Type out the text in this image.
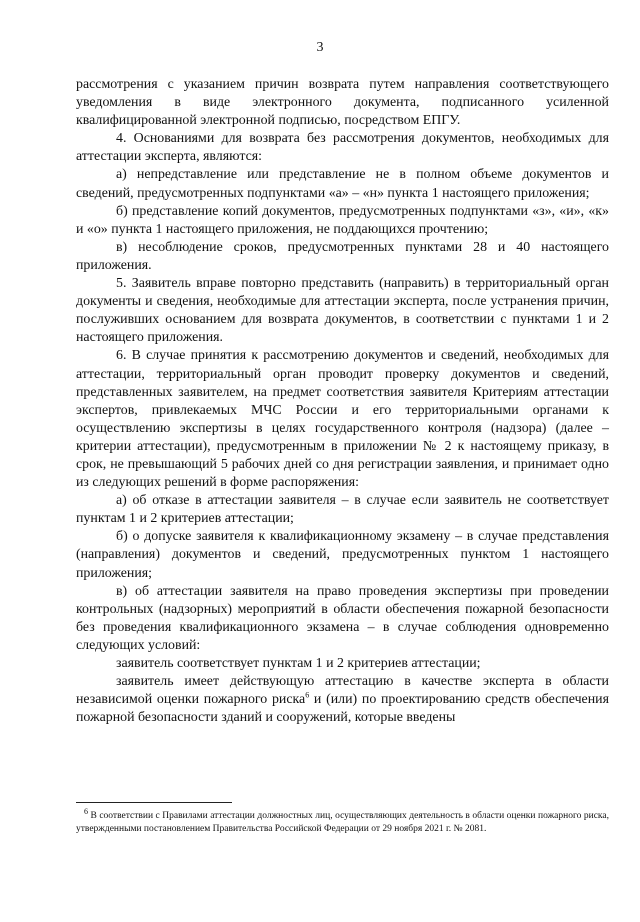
3

рассмотрения с указанием причин возврата путем направления соответствующего уведомления в виде электронного документа, подписанного усиленной квалифицированной электронной подписью, посредством ЕПГУ.

4. Основаниями для возврата без рассмотрения документов, необходимых для аттестации эксперта, являются:

а) непредставление или представление не в полном объеме документов и сведений, предусмотренных подпунктами «а» – «н» пункта 1 настоящего приложения;

б) представление копий документов, предусмотренных подпунктами «з», «и», «к» и «о» пункта 1 настоящего приложения, не поддающихся прочтению;

в) несоблюдение сроков, предусмотренных пунктами 28 и 40 настоящего приложения.

5. Заявитель вправе повторно представить (направить) в территориальный орган документы и сведения, необходимые для аттестации эксперта, после устранения причин, послуживших основанием для возврата документов, в соответствии с пунктами 1 и 2 настоящего приложения.

6. В случае принятия к рассмотрению документов и сведений, необходимых для аттестации, территориальный орган проводит проверку документов и сведений, представленных заявителем, на предмет соответствия заявителя Критериям аттестации экспертов, привлекаемых МЧС России и его территориальными органами к осуществлению экспертизы в целях государственного контроля (надзора) (далее – критерии аттестации), предусмотренным в приложении № 2 к настоящему приказу, в срок, не превышающий 5 рабочих дней со дня регистрации заявления, и принимает одно из следующих решений в форме распоряжения:

а) об отказе в аттестации заявителя – в случае если заявитель не соответствует пунктам 1 и 2 критериев аттестации;

б) о допуске заявителя к квалификационному экзамену – в случае представления (направления) документов и сведений, предусмотренных пунктом 1 настоящего приложения;

в) об аттестации заявителя на право проведения экспертизы при проведении контрольных (надзорных) мероприятий в области обеспечения пожарной безопасности без проведения квалификационного экзамена – в случае соблюдения одновременно следующих условий:

заявитель соответствует пунктам 1 и 2 критериев аттестации;

заявитель имеет действующую аттестацию в качестве эксперта в области независимой оценки пожарного риска$^6$ и (или) по проектированию средств обеспечения пожарной безопасности зданий и сооружений, которые введены

$^6$ В соответствии с Правилами аттестации должностных лиц, осуществляющих деятельность в области оценки пожарного риска, утвержденными постановлением Правительства Российской Федерации от 29 ноября 2021 г. № 2081.
